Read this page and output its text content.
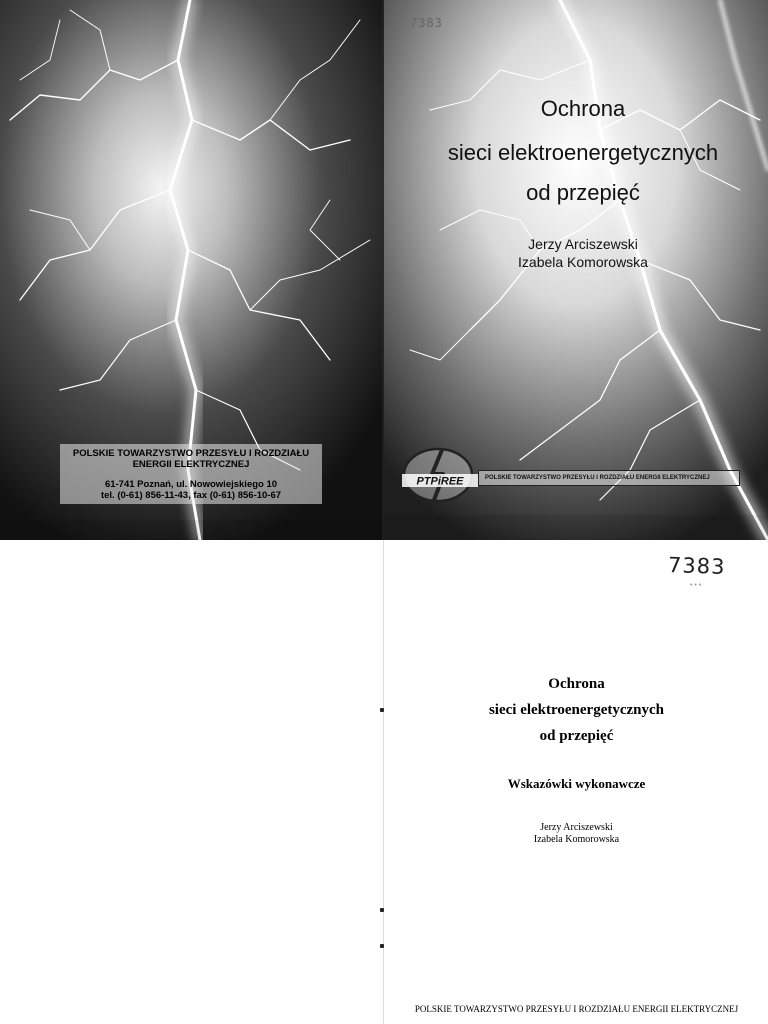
7383
Ochrona
sieci elektroenergetycznych
od przepięć
Jerzy Arciszewski
Izabela Komorowska
POLSKIE TOWARZYSTWO PRZESYŁU I ROZDZIAŁU
ENERGII ELEKTRYCZNEJ
61-741 Poznań, ul. Nowowiejskiego 10
tel. (0-61) 856-11-43, fax (0-61) 856-10-67
PTPiREE	POLSKIE TOWARZYSTWO PRZESYŁU I ROZDZIAŁU ENERGII ELEKTRYCZNEJ
7383
• • •
Ochrona
sieci elektroenergetycznych
od przepięć
Wskazówki wykonawcze
Jerzy Arciszewski
Izabela Komorowska
POLSKIE TOWARZYSTWO PRZESYŁU I ROZDZIAŁU ENERGII ELEKTRYCZNEJ
